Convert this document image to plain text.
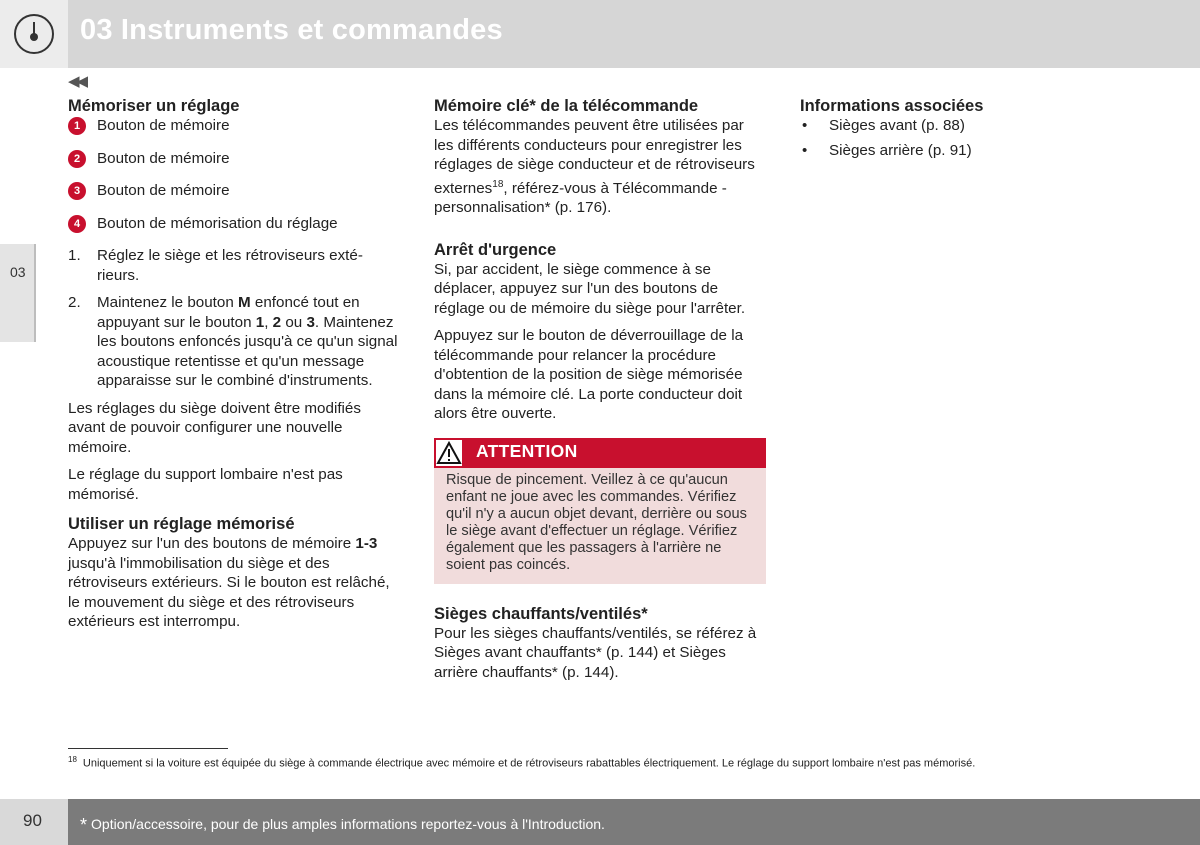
03 Instruments et commandes
◀◀
03
Mémoriser un réglage
1	Bouton de mémoire
2	Bouton de mémoire
3	Bouton de mémoire
4	Bouton de mémorisation du réglage
1. Réglez le siège et les rétroviseurs extérieurs.
2. Maintenez le bouton M enfoncé tout en appuyant sur le bouton 1, 2 ou 3. Maintenez les boutons enfoncés jusqu'à ce qu'un signal acoustique retentisse et qu'un message apparaisse sur le combiné d'instruments.

Les réglages du siège doivent être modifiés avant de pouvoir configurer une nouvelle mémoire.

Le réglage du support lombaire n'est pas mémorisé.

Utiliser un réglage mémorisé

Appuyez sur l'un des boutons de mémoire 1-3 jusqu'à l'immobilisation du siège et des rétroviseurs extérieurs. Si le bouton est relâché, le mouvement du siège et des rétroviseurs extérieurs est interrompu.

Mémoire clé* de la télécommande

Les télécommandes peuvent être utilisées par les différents conducteurs pour enregistrer les réglages de siège conducteur et de rétroviseurs externes$^{18}$, référez-vous à Télécommande - personnalisation* (p. 176).

Arrêt d'urgence

Si, par accident, le siège commence à se déplacer, appuyez sur l'un des boutons de réglage ou de mémoire du siège pour l'arrêter.

Appuyez sur le bouton de déverrouillage de la télécommande pour relancer la procédure d'obtention de la position de siège mémorisée dans la mémoire clé. La porte conducteur doit alors être ouverte.

ATTENTION
Risque de pincement. Veillez à ce qu'aucun enfant ne joue avec les commandes. Vérifiez qu'il n'y a aucun objet devant, derrière ou sous le siège avant d'effectuer un réglage. Vérifiez également que les passagers à l'arrière ne soient pas coincés.
Sièges chauffants/ventilés*

Pour les sièges chauffants/ventilés, se référez à Sièges avant chauffants* (p. 144) et Sièges arrière chauffants* (p. 144).

Informations associées
• Sièges avant (p. 88)
• Sièges arrière (p. 91)
$^{18}$ Uniquement si la voiture est équipée du siège à commande électrique avec mémoire et de rétroviseurs rabattables électriquement. Le réglage du support lombaire n'est pas mémorisé.
90 * Option/accessoire, pour de plus amples informations reportez-vous à l'Introduction.
